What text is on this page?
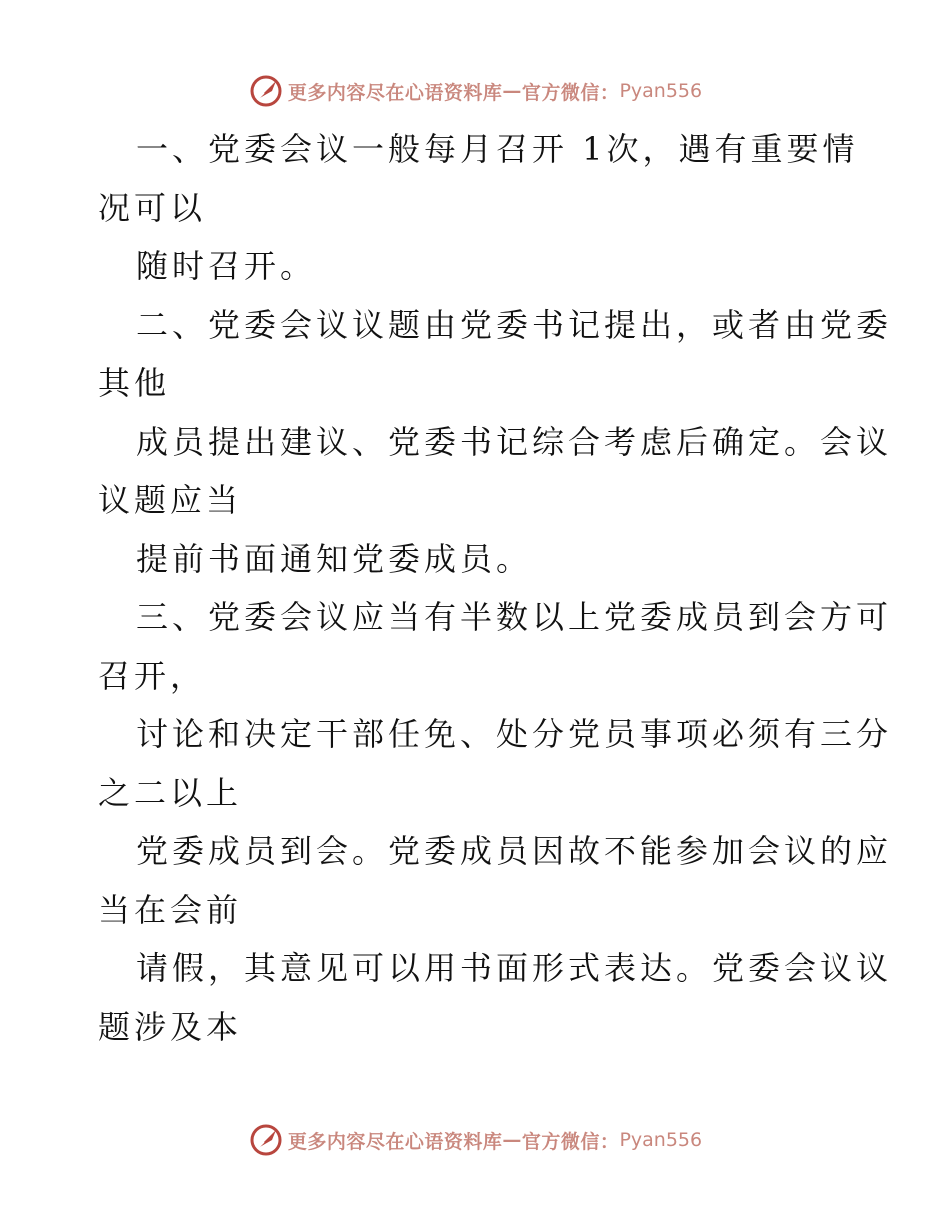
更多内容尽在心语资料库 — 官方微信： Pyan556
一、党委会议一般每月召开 1次，遇有重要情
况可以
随时召开。
二、党委会议议题由党委书记提出，或者由党委
其他
成员提出建议、党委书记综合考虑后确定。会议
议题应当
提前书面通知党委成员。
三、党委会议应当有半数以上党委成员到会方可
召开，
讨论和决定干部任免、处分党员事项必须有三分
之二以上
党委成员到会。党委成员因故不能参加会议的应
当在会前
请假，其意见可以用书面形式表达。党委会议议
题涉及本
更多内容尽在心语资料库 — 官方微信： Pyan556
